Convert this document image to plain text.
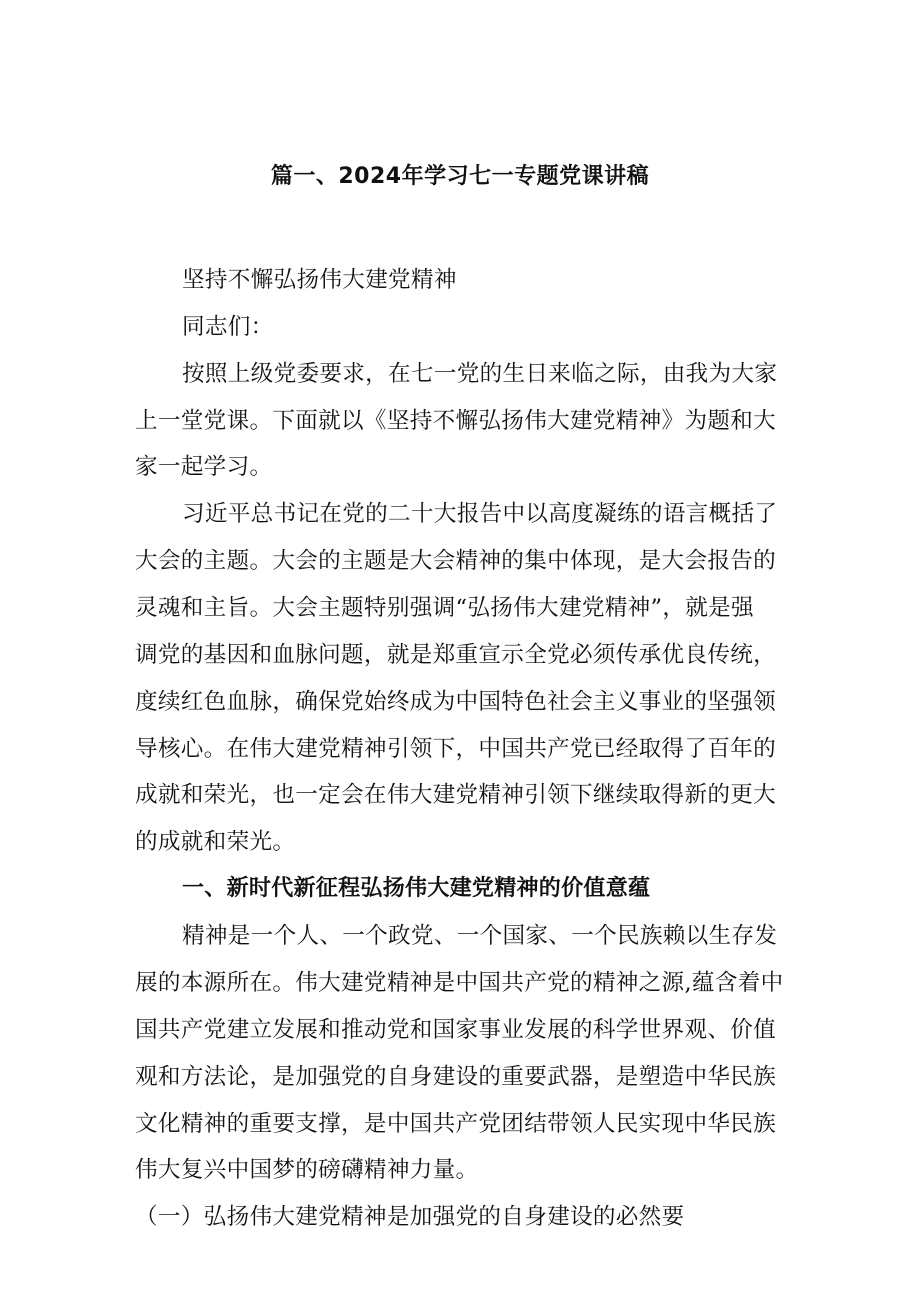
篇一、2024年学习七一专题党课讲稿
坚持不懈弘扬伟大建党精神
同志们：
按照上级党委要求，在七一党的生日来临之际，由我为大家
上一堂党课。下面就以《坚持不懈弘扬伟大建党精神》为题和大
家一起学习。
习近平总书记在党的二十大报告中以高度凝练的语言概括了
大会的主题。大会的主题是大会精神的集中体现，是大会报告的
灵魂和主旨。大会主题特别强调“弘扬伟大建党精神”，就是强
调党的基因和血脉问题，就是郑重宣示全党必须传承优良传统，
度续红色血脉，确保党始终成为中国特色社会主义事业的坚强领
导核心。在伟大建党精神引领下，中国共产党已经取得了百年的
成就和荣光，也一定会在伟大建党精神引领下继续取得新的更大
的成就和荣光。
一、新时代新征程弘扬伟大建党精神的价值意蕴
精神是一个人、一个政党、一个国家、一个民族赖以生存发
展的本源所在。伟大建党精神是中国共产党的精神之源,蕴含着中
国共产党建立发展和推动党和国家事业发展的科学世界观、价值
观和方法论，是加强党的自身建设的重要武器，是塑造中华民族
文化精神的重要支撑，是中国共产党团结带领人民实现中华民族
伟大复兴中国梦的磅礴精神力量。
（一）弘扬伟大建党精神是加强党的自身建设的必然要
